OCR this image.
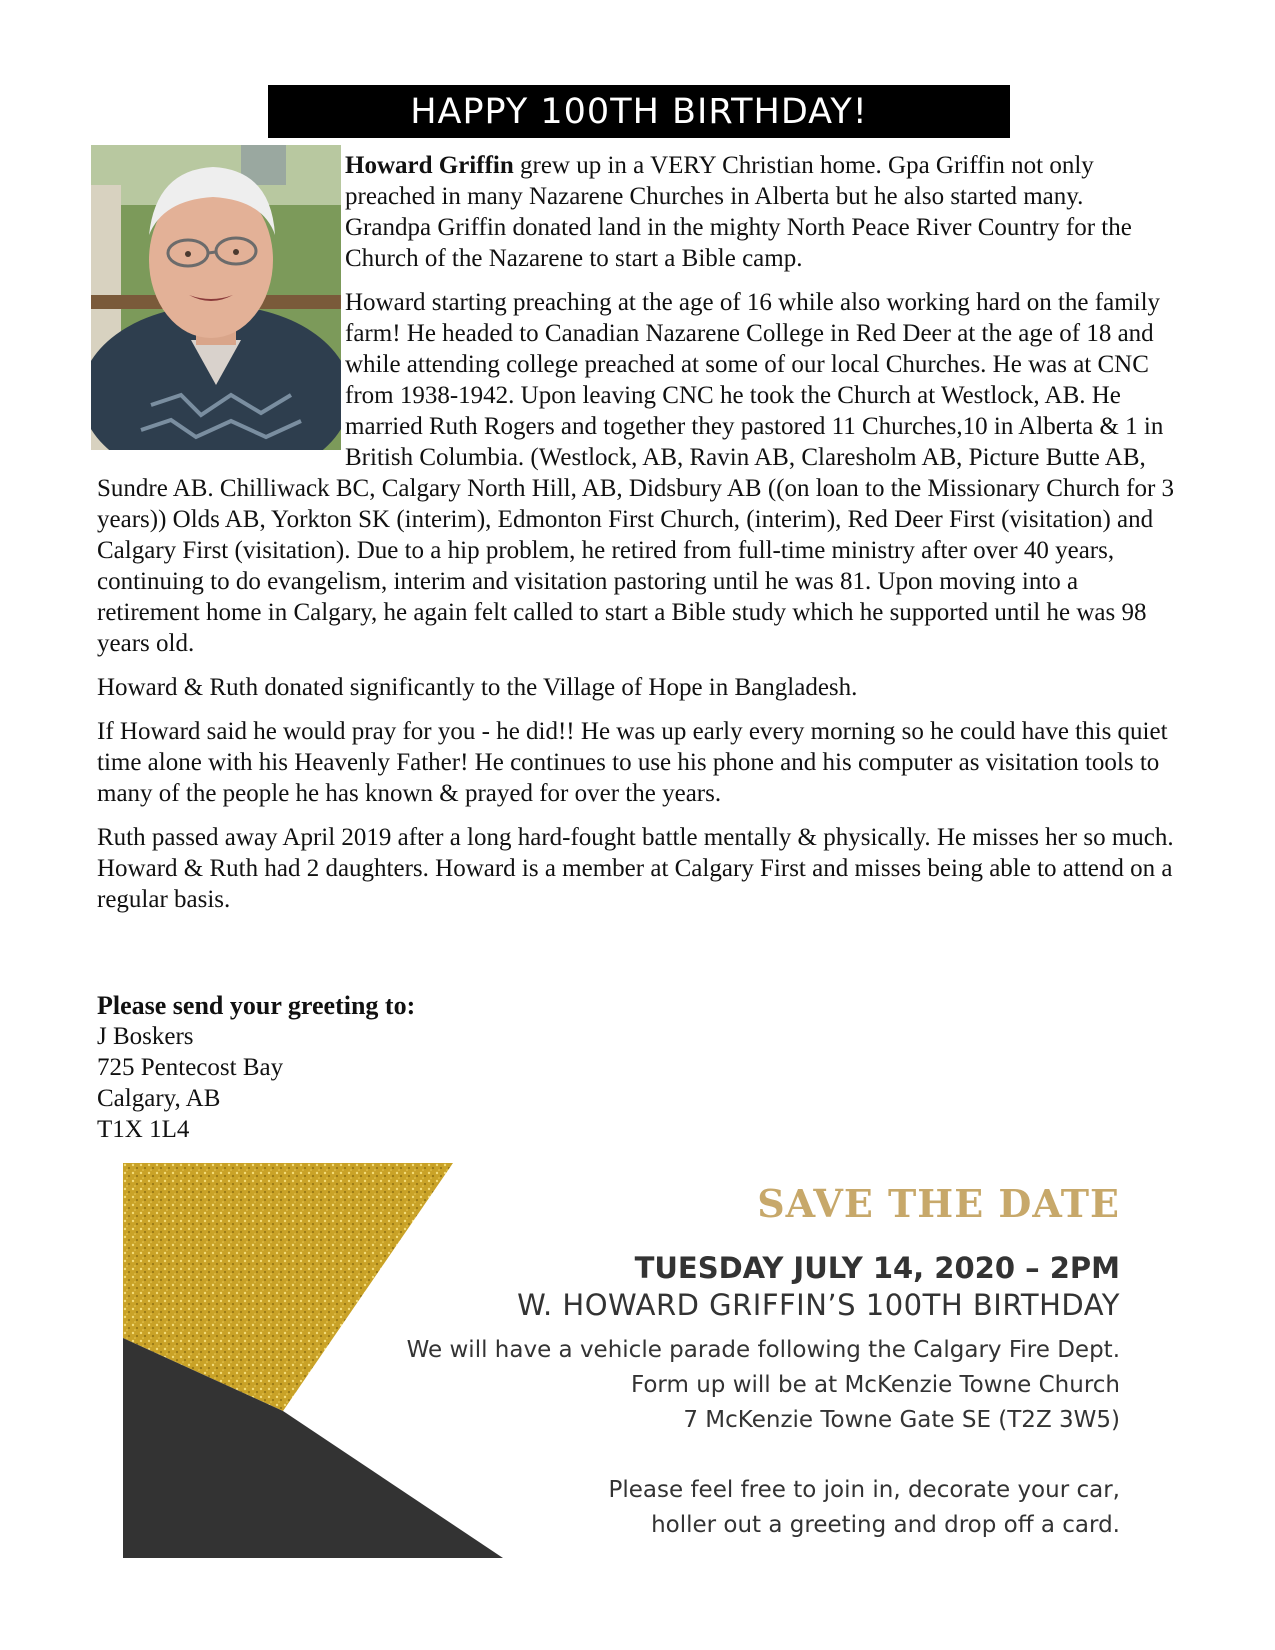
HAPPY 100TH BIRTHDAY!

Howard Griffin grew up in a VERY Christian home. Gpa Griffin not only preached in many Nazarene Churches in Alberta but he also started many. Grandpa Griffin donated land in the mighty North Peace River Country for the Church of the Nazarene to start a Bible camp.

Howard starting preaching at the age of 16 while also working hard on the family farm! He headed to Canadian Nazarene College in Red Deer at the age of 18 and while attending college preached at some of our local Churches. He was at CNC from 1938-1942. Upon leaving CNC he took the Church at Westlock, AB. He married Ruth Rogers and together they pastored 11 Churches,10 in Alberta & 1 in British Columbia. (Westlock, AB, Ravin AB, Claresholm AB, Picture Butte AB, Sundre AB. Chilliwack BC, Calgary North Hill, AB, Didsbury AB ((on loan to the Missionary Church for 3 years)) Olds AB, Yorkton SK (interim), Edmonton First Church, (interim), Red Deer First (visitation) and Calgary First (visitation). Due to a hip problem, he retired from full-time ministry after over 40 years, continuing to do evangelism, interim and visitation pastoring until he was 81. Upon moving into a retirement home in Calgary, he again felt called to start a Bible study which he supported until he was 98 years old.

Howard & Ruth donated significantly to the Village of Hope in Bangladesh.

If Howard said he would pray for you - he did!! He was up early every morning so he could have this quiet time alone with his Heavenly Father! He continues to use his phone and his computer as visitation tools to many of the people he has known & prayed for over the years.

Ruth passed away April 2019 after a long hard-fought battle mentally & physically. He misses her so much. Howard & Ruth had 2 daughters. Howard is a member at Calgary First and misses being able to attend on a regular basis.

Please send your greeting to:
J Boskers
725 Pentecost Bay
Calgary, AB
T1X 1L4
SAVE THE DATE
TUESDAY JULY 14, 2020 – 2PM
W. HOWARD GRIFFIN’S 100TH BIRTHDAY
We will have a vehicle parade following the Calgary Fire Dept.
Form up will be at McKenzie Towne Church
7 McKenzie Towne Gate SE (T2Z 3W5)
Please feel free to join in, decorate your car,
holler out a greeting and drop off a card.
